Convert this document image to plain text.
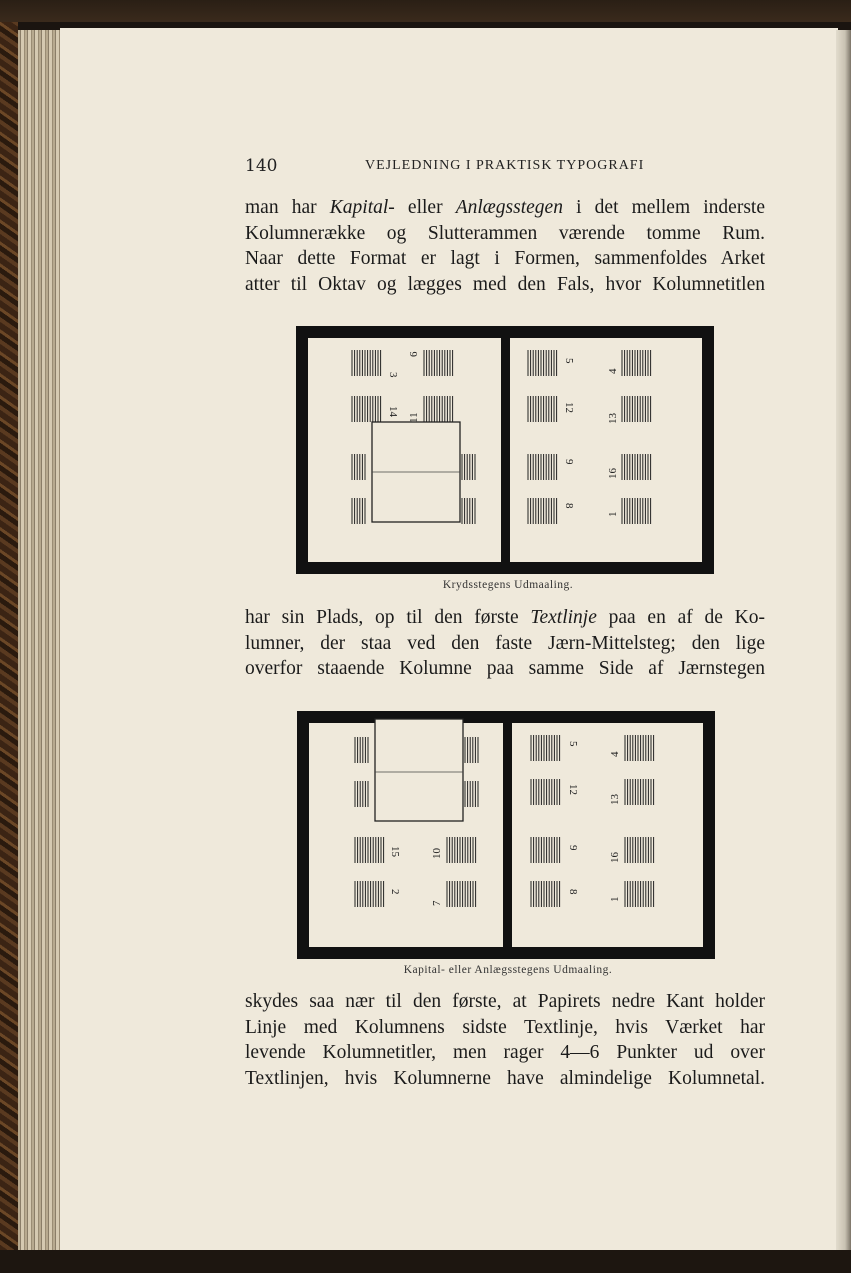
140	VEJLEDNING I PRAKTISK TYPOGRAFI
man har Kapital- eller Anlægsstegen i det mellem inderste
Kolumnerække og Slutterammen værende tomme Rum.
Naar dette Format er lagt i Formen, sammenfoldes Arket
atter til Oktav og lægges med den Fals, hvor Kolumnetitlen
3
6
14
11
5
4
12
13
9
16
8
1
Krydsstegens Udmaaling.
har sin Plads, op til den første Textlinje paa en af de Ko-
lumner, der staa ved den faste Jærn-Mittelsteg; den lige
overfor staaende Kolumne paa samme Side af Jærnstegen
15	10
2
7
5
4
12
13
9
16
8
1
Kapital- eller Anlægsstegens Udmaaling.
skydes saa nær til den første, at Papirets nedre Kant holder
Linje med Kolumnens sidste Textlinje, hvis Værket har
levende Kolumnetitler, men rager 4—6 Punkter ud over
Textlinjen, hvis Kolumnerne have almindelige Kolumnetal.
